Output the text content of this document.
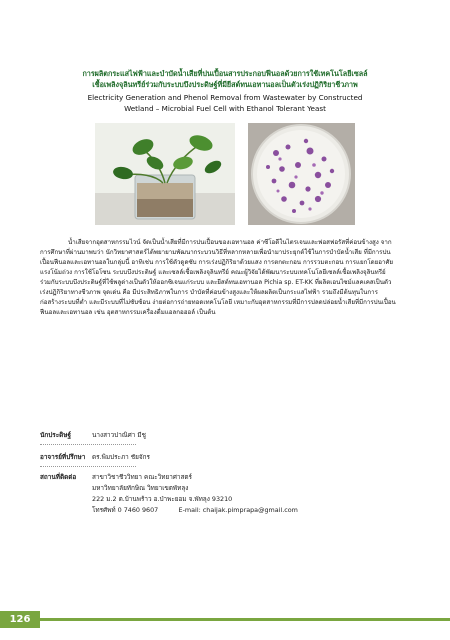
การผลิตกระแสไฟฟ้าและบำบัดน้ำเสียที่ปนเปื้อนสารประกอบฟีนอลด้วยการใช้เทคโนโลยีเซลล์
เชื้อเพลิงจุลินทรีย์ร่วมกับระบบบึงประดิษฐ์ที่มียีสต์ทนเอทานอลเป็นตัวเร่งปฏิกิริยาชีวภาพ
Electricity Generation and Phenol Removal from Wastewater by Constructed
Wetland – Microbial Fuel Cell with Ethanol Tolerant Yeast

น้ำเสียจากอุตสาหกรรมไวน์ จัดเป็นน้ำเสียที่มีการปนเปื้อนของเอทานอล ค่าซีโอดีในไตรเจนและฟอสฟอรัสที่ค่อนข้างสูง จากการศึกษาที่ผ่านมาพบว่า นักวิทยาศาสตร์ได้พยายามพัฒนากระบวนวิธีที่หลากหลายเพื่อนำมาประยุกต์ใช้ในการบำบัดน้ำเสีย ที่มีการปนเปื้อนฟีนอลและเอทานอลในกลุ่มนี้ อาทิเช่น การใช้ตัวดูดซับ การเร่งปฏิกิริยาด้วยแสง การตกตะกอน การรวมตะกอน การแยกโดยอาศัยแรงโน้มถ่วง การใช้โอโซน ระบบบึงประดิษฐ์ และเซลล์เชื้อเพลิงจุลินทรีย์ คณะผู้วิจัยได้พัฒนาระบบเทคโนโลยีเซลล์เชื้อเพลิงจุลินทรีย์ ร่วมกับระบบบึงประดิษฐ์ที่ใช้พลูด่างเป็นตัวให้ออกซิเจนแก่ระบบ และยีสต์ทนเอทานอล Pichia sp. ET-KK ที่ผลิตเอนไซม์แลคเคสเป็นตัวเร่งปฏิกิริยาทางชีวภาพ จุดเด่น คือ มีประสิทธิภาพในการ บำบัดที่ค่อนข้างสูงและให้ผลผลิตเป็นกระแสไฟฟ้า รวมถึงมีต้นทุนในการก่อสร้างระบบที่ต่ำ และมีระบบที่ไม่ซับซ้อน ง่ายต่อการถ่ายทอดเทคโนโลยี เหมาะกับอุตสาหกรรมที่มีการปลดปล่อยน้ำเสียที่มีการปนเปื้อนฟีนอลและเอทานอล เช่น อุตสาหกรรมเครื่องดื่มแอลกอฮอล์ เป็นต้น

นักประดิษฐ์	นางสาวปาณิศา มีชู
อาจารย์ที่ปรึกษา ดร.พิมประภา ชัยจักร
สถานที่ติดต่อ สาขาวิชาชีววิทยา คณะวิทยาศาสตร์
มหาวิทยาลัยทักษิณ วิทยาเขตพัทลุง
222 ม.2 ต.บ้านพร้าว อ.ป่าพะยอม จ.พัทลุง 93210
โทรศัพท์ 0 7460 9607          E-mail: chaijak.pimprapa@gmail.com
126
